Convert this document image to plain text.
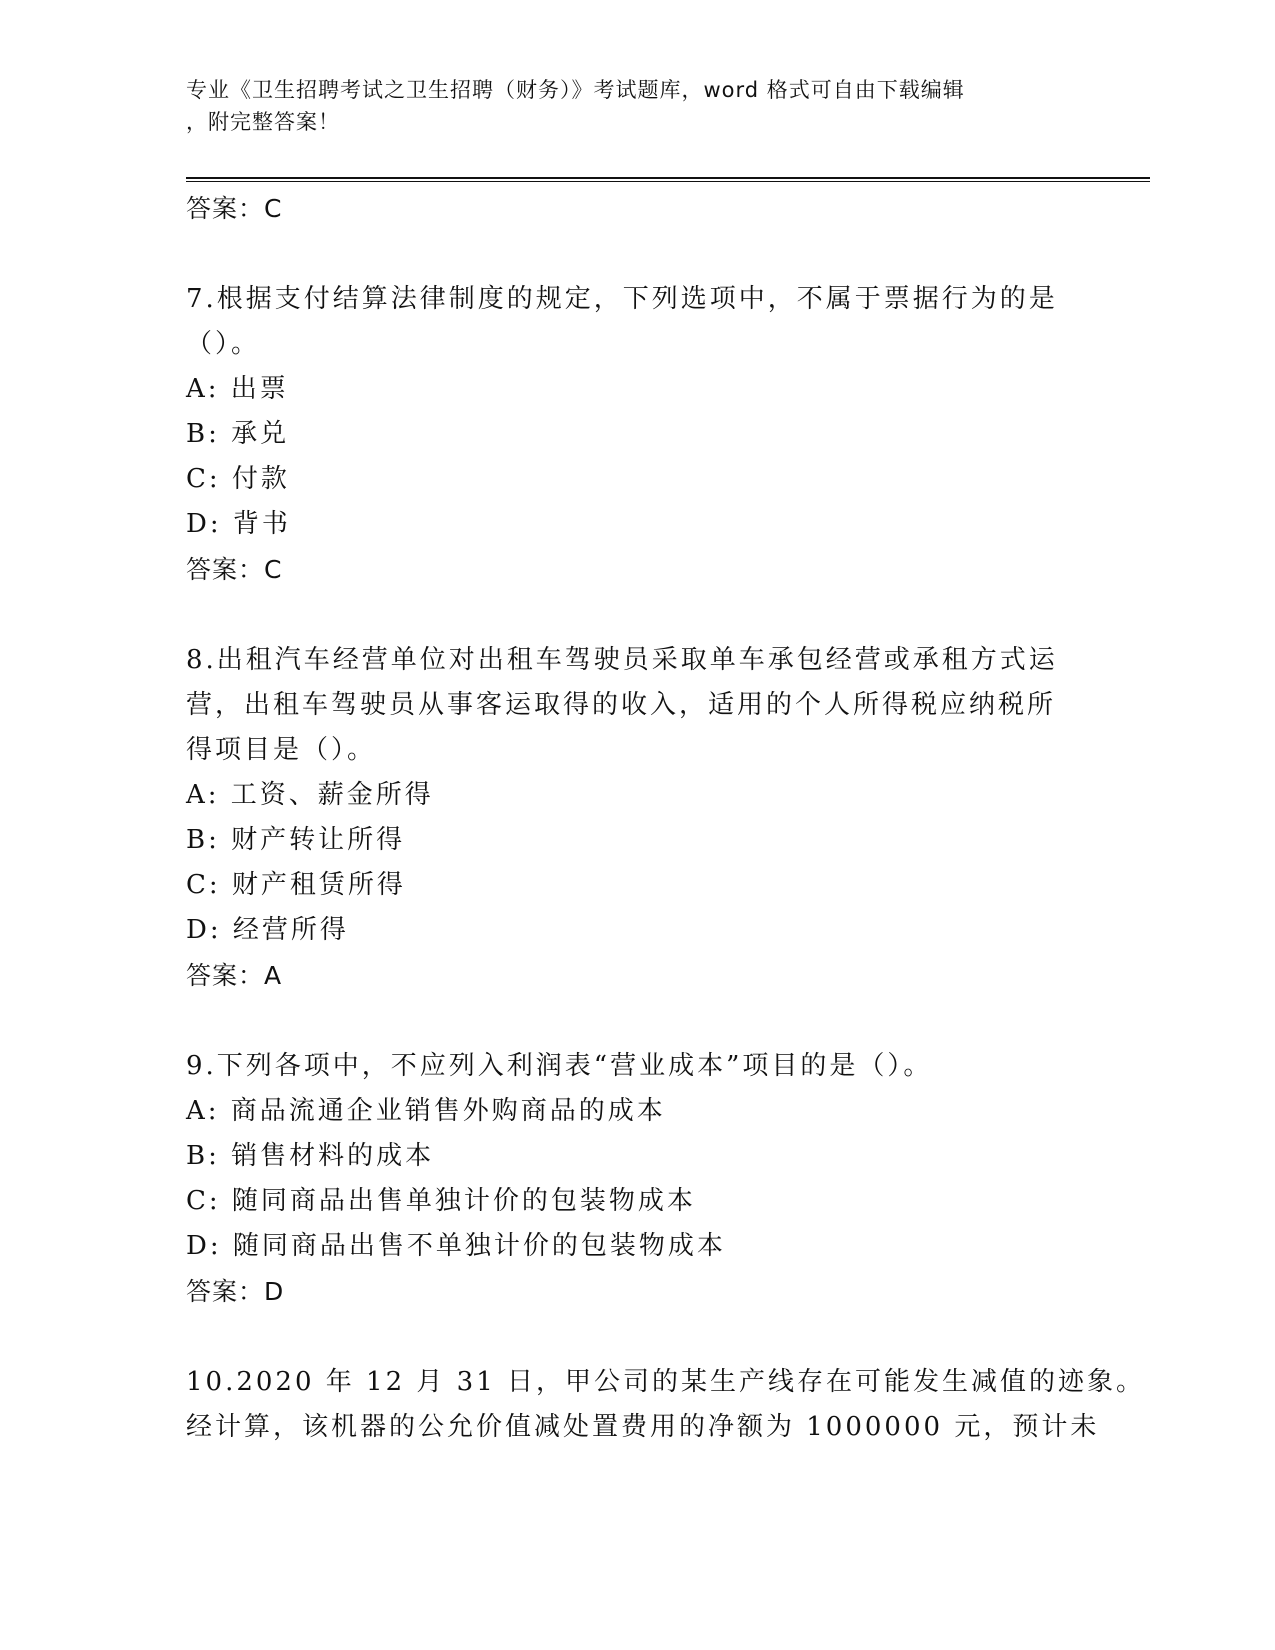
专业《卫生招聘考试之卫生招聘（财务）》考试题库，word 格式可自由下载编辑
，附完整答案！
答案：C
7.根据支付结算法律制度的规定，下列选项中，不属于票据行为的是
（）。
A: 出票
B: 承兑
C: 付款
D: 背书
答案：C
8.出租汽车经营单位对出租车驾驶员采取单车承包经营或承租方式运
营，出租车驾驶员从事客运取得的收入，适用的个人所得税应纳税所
得项目是（）。
A: 工资、薪金所得
B: 财产转让所得
C: 财产租赁所得
D: 经营所得
答案：A
9.下列各项中，不应列入利润表“营业成本”项目的是（）。
A: 商品流通企业销售外购商品的成本
B: 销售材料的成本
C: 随同商品出售单独计价的包装物成本
D: 随同商品出售不单独计价的包装物成本
答案：D
10.2020 年 12 月 31 日，甲公司的某生产线存在可能发生减值的迹象。
经计算，该机器的公允价值减处置费用的净额为 1000000 元，预计未
